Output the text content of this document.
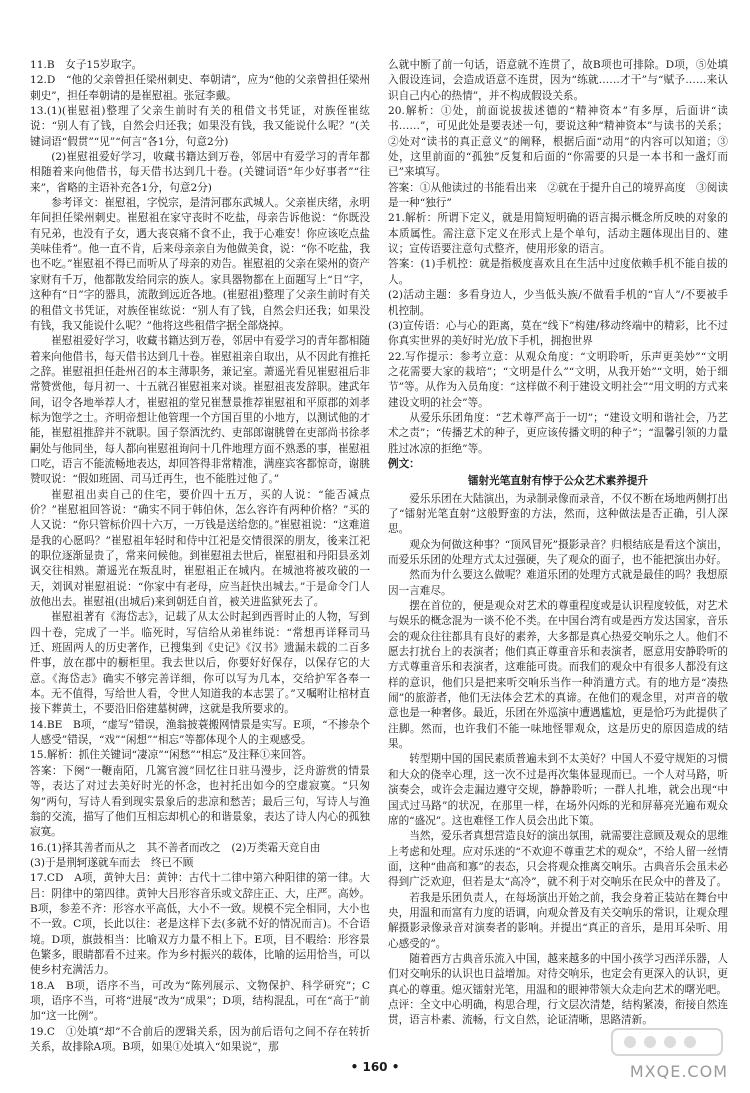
11.B　女子15岁取字。

12.D　“他的父亲曾担任梁州刺史、奉朝请”，应为“他的父亲曾担任梁州刺史”，担任奉朝请的是崔慰祖。张冠李戴。

13.(1)(崔慰祖)整理了父亲生前时有关的租借文书凭证，对族侄崔纮说：“别人有了钱，自然会归还我；如果没有钱，我又能说什么呢？”(关键词语“假贯”“见”“何言”各1分，句意2分)

(2)崔慰祖爱好学习，收藏书籍达到万卷，邻居中有爱学习的青年都相随着来向他借书，每天借书达到几十卷。(关键词语“年少好事者”“往来”，省略的主语补充各1分，句意2分)

参考译文：崔慰祖，字悦宗，是清河郡东武城人。父亲崔庆绪，永明年间担任梁州刺史。崔慰祖在家守丧时不吃盐，母亲告诉他说：“你既没有兄弟，也没有子女，遇大丧哀痛不食不止，我于心难安！你应该吃点盐美味佳肴”。他一直不肯，后来母亲亲自为他做美食，说：“你不吃盐，我也不吃。”崔慰祖不得已而听从了母亲的劝告。崔慰祖的父亲在梁州的资产家财有千万，他都散发给同宗的族人。家具器物都在上面题写上“日”字，这种有“日”字的器具，流散到远近各地。(崔慰祖)整理了父亲生前时有关的租借文书凭证，对族侄崔纮说：“别人有了钱，自然会归还我；如果没有钱，我又能说什么呢？”他将这些租借字据全部烧掉。

崔慰祖爱好学习，收藏书籍达到万卷，邻居中有爱学习的青年都相随着来向他借书，每天借书达到几十卷。崔慰祖亲自取出，从不因此有推托之辞。崔慰祖担任赴州召的本主薄职务，兼记室。萧遥光看见崔慰祖后非常赞赏他，每月初一、十五就召崔慰祖来对谈。崔慰祖丧发辞职。建武年间，诏令各地举荐人才，崔慰祖的堂兄崔慧景推荐崔慰祖和平原郡的刘孝标为饱学之士。齐明帝想让他管理一个方国百里的小地方，以测试他的才能，崔慰祖推辞并不就职。国子祭酒沈约、吏部郎谢朓曾在吏部尚书徐孝嗣处与他同坐，每人都向崔慰祖询问十几件地理方面不熟悉的事，崔慰祖口吃，语言不能流畅地表达，却回答得非常精准，满座宾客都惊奇，谢朓赞叹说：“假如班固、司马迁再生，也不能胜过他了。”

崔慰祖出卖自己的住宅，要价四十五万，买的人说：“能否减点价？”崔慰祖回答说：“确实不同于韩伯休，怎么容许有两种价格？”买的人又说：“你只管标价四十六万，一万钱是送给您的。”崔慰祖说：“这难道是我的心愿吗？”崔慰祖年轻时和侍中江祀是交情很深的朋友，後来江祀的职位逐渐显贵了，常来问候他。到崔慰祖去世后，崔慰祖和丹阳县丞刘讽交往相熟。萧遥光在叛乱时，崔慰祖正在城内。在城池将被攻破的一天，刘讽对崔慰祖说：“你家中有老母，应当赶快出城去。”于是命令门人放他出去。崔慰祖(出城后)来到朝廷自首，被关进监狱死去了。

崔慰祖著有《海岱志》，记载了从太公时起到西晋时止的人物，写到四十卷，完成了一半。临死时，写信给从弟崔纬说：“常想再详释司马迁、班固两人的历史著作，已搜集到《史记》《汉书》遗漏未载的二百多件事，放在郡中的橱柜里。我去世以后，你要好好保存，以保存它的大意。《海岱志》确实不够完善详细，你可以写为几本，交给护军各奉一本。无不值得，写给世人看，令世人知道我的本志罢了。”又嘱咐让棺材直接下葬黄土，不要沿旧俗建墓树碑，这就是我所要求的。

14.BE　B项，“虚写”错误，渔翁披蓑搬网情景是实写。E项，“不掺杂个人感受”错误，“戏”“闲想”“相忘”等都体现个人的主观感受。

15.解析：抓住关键词“凄凉”“闲愁”“相忘”及注释①来回答。

答案：下阕“一鞭南陌，几篙官渡”回忆往日驻马漫步，泛舟游赏的情景等，表达了对过去美好时光的怀念，也衬托出如今的空虚寂寞。“只匆匆”两句，写诗人看到现实景象后的悲凉和愁苦；最后三句，写诗人与渔翁的交流，描写了他们互相忘却机心的和谐景象，表达了诗人内心的孤独寂寞。

16.(1)择其善者而从之　其不善者而改之　(2)万类霜天竞自由

(3)于是荆轲遂就车而去　终已不顾

17.CD　A项，黄钟大吕：黄钟：古代十二律中第六种阳律的第一律。大吕：阴律中的第四律。黄钟大吕形容音乐或文辞庄正、大，庄严。高妙。B项，参差不齐：形容水平高低，大小不一致。规模不完全相同，大小也不一致。C项，长此以往：老是这样下去(多就不好的情况而言)。不合语境。D项，旗鼓相当：比喻双方力量不相上下。E项，目不暇给：形容景色繁多，眼睛都看不过来。作为乡村振兴的载体，比喻的运用恰当，可以使乡村充满活力。

18.A　B项，语序不当，可改为“陈列展示、文物保护、科学研究”；C项，语序不当，可将“进展”改为“成果”；D项，结构混乱，可在“高于”前加“这一比例”。

19.C　①处填“却”不合前后的逻辑关系，因为前后语句之间不存在转折关系，故排除A项。B项，如果①处填入“如果说”，那

么就中断了前一句话，语意就不连贯了，故B项也可排除。D项，⑤处填入假设连词，会造成语意不连贯，因为“练就……才干”与“赋予……来认识自己内心的热情”，并不构成假设关系。

20.解析：①处，前面说拔拔述德的“精神资本”有多厚，后面讲“读书……”，可见此处是要表述一句，要说这种“精神资本”与读书的关系；②处对“读书的真正意义”的阐释，根据后面“动用”的内容可以知道；③处，这里前面的“孤独”反复和后面的“你需要的只是一本书和一盏灯而已”来填写。

答案：①从他读过的书能看出来　②就在于提升自己的境界高度　③阅读是一种“独行”

21.解析：所谓下定义，就是用简短明确的语言揭示概念所反映的对象的本质属性。需注意下定义在形式上是个单句，活动主题体现出目的、建议；宣传语要注意句式整齐，使用形象的语言。

答案：(1)手机控：就是指极度喜欢且在生活中过度依赖手机不能自拔的人。

(2)活动主题：多看身边人，少当低头族/不做看手机的“盲人”/不要被手机控制。

(3)宣传语：心与心的距离，莫在“线下”构建/移动终端中的精彩，比不过你真实世界的美好时光/放下手机，拥抱世界

22.写作提示：参考立意：从观众角度：“文明聆听，乐声更美妙”“文明之花需要大家的栽培”；“文明是什么”“文明，从我开始”“文明，始于细节”等。从作为入员角度：“这样做不利于建设文明社会”“用文明的方式来建设文明的社会”等。

从爱乐乐团角度：“艺术尊严高于一切”；“建设文明和谐社会，乃艺术之责”；“传播艺术的种子，更应该传播文明的种子”；“温馨引领的力量胜过冰凉的拒绝”等。

例文：

镭射光笔直射有悖于公众艺术素养提升

爱乐乐团在大陆演出，为录制录像而录音，不仅不断在场地两侧打出了“镭射光笔直射”这般野蛮的方法，然而，这种做法是否正确，引人深思。

观众为何做这种事？“顶风冒死”摄影录音？归根结底是看这个演出，而爱乐乐团的处理方式太过强硬，失了观众的面子，也不能把演出办好。

然而为什么要这么做呢？难道乐团的处理方式就是最佳的吗？我想原因一言难尽。

摆在首位的，便是观众对艺术的尊重程度或是认识程度较低，对艺术与娱乐的概念混为一谈不伦不类。在中国台湾有或是西方发达国家，音乐会的观众往往都具有良好的素养，大多都是真心热爱交响乐之人。他们不愿去打扰台上的表演者；他们真正尊重音乐和表演者，愿意用安静聆听的方式尊重音乐和表演者，这难能可贵。而我们的观众中有很多人都没有这样的意识，他们只是把来听交响乐当作一种消遣方式。有的地方是“凑热闹”的旅游者，他们无法体会艺术的真谛。在他们的观念里，对声音的敬意也是一种奢侈。最近，乐团在外巡演中遭遇尴尬，更是恰巧为此提供了注脚。然而，也许我们不能一味地怪罪观众，这是历史的原因造成的结果。

转型期中国的国民素质普遍未到不太美好？中国人不爱守规矩的习惯和大众的侥幸心理，这一次不过是再次集体显现而已。一个人对马路，听演奏会，或许会走漏边遵守交规，静静聆听；一群人扎堆，就会出现“中国式过马路”的状况，在那里一样，在场外闪烁的光和屏幕亮光遍布观众席的“盛况”。这也难怪工作人员会出此下策。

当然，爱乐者真想营造良好的演出氛围，就需要注意顾及观众的思维上考虑和处理。应对乐迷的“不欢迎不尊重艺术的观众”，不给人留一丝情面，这种“曲高和寡”的表态，只会将观众推离交响乐。古典音乐会虽未必得到广泛欢迎，但若是太“高冷”，就不利于对交响乐在民众中的普及了。

若我是乐团负责人，在每场演出开始之前，我会身着正装站在舞台中央，用温和而富有力度的语调，向观众普及有关交响乐的常识，让观众理解摄影录像录音对演奏者的影响。并提出“真正的音乐，是用耳朵听、用心感受的”。

随着西方古典音乐流入中国，越来越多的中国小孩学习西洋乐器，人们对交响乐的认识也日益增加。对待交响乐，也定会有更深入的认识，更真心的尊重。熄灭镭射光笔，用温和的眼神带领大众走向艺术的曙光吧。

点评：全文中心明确，构思合理，行文层次清楚，结构紧凑，衔接自然连贯，语言朴素、流畅，行文自然，论证清晰，思路清新。

• 160 •	MXQE.COM
